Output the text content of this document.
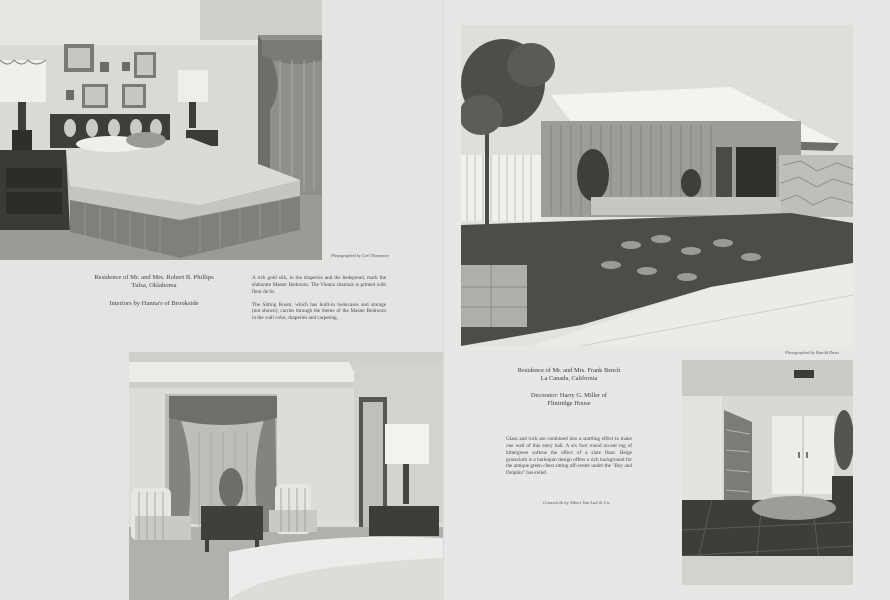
Photographed by Carl Thompson
Residence of Mr. and Mrs. Robert B. Phillips
Tulsa, Oklahoma
Interiors by Hanna's of Brookside

A rich gold silk, in the draperies and the bedspread, mark the elaborate Master Bedroom. The Vienna chamois is printed with fleur de lis.

The Sitting Room, which has built-in bookcases and storage (not shown), carries through the theme of the Master Bedroom in the wall color, draperies and carpeting.

Photographed by Harold Davis
Residence of Mr. and Mrs. Frank Bench
La Canada, California
Decorator: Harry G. Miller of
Flintridge House
Glass and rock are combined into a startling effect to make one wall of this entry hall. A six foot round accent rug of bittergreen softens the effect of a slate floor. Beige grasscloth is a harlequin design offers a rich background for the antique green chest sitting off-center under the "Boy and Dolphin" bas-relief.
Grasscloth by Albert Van Luit & Co.
